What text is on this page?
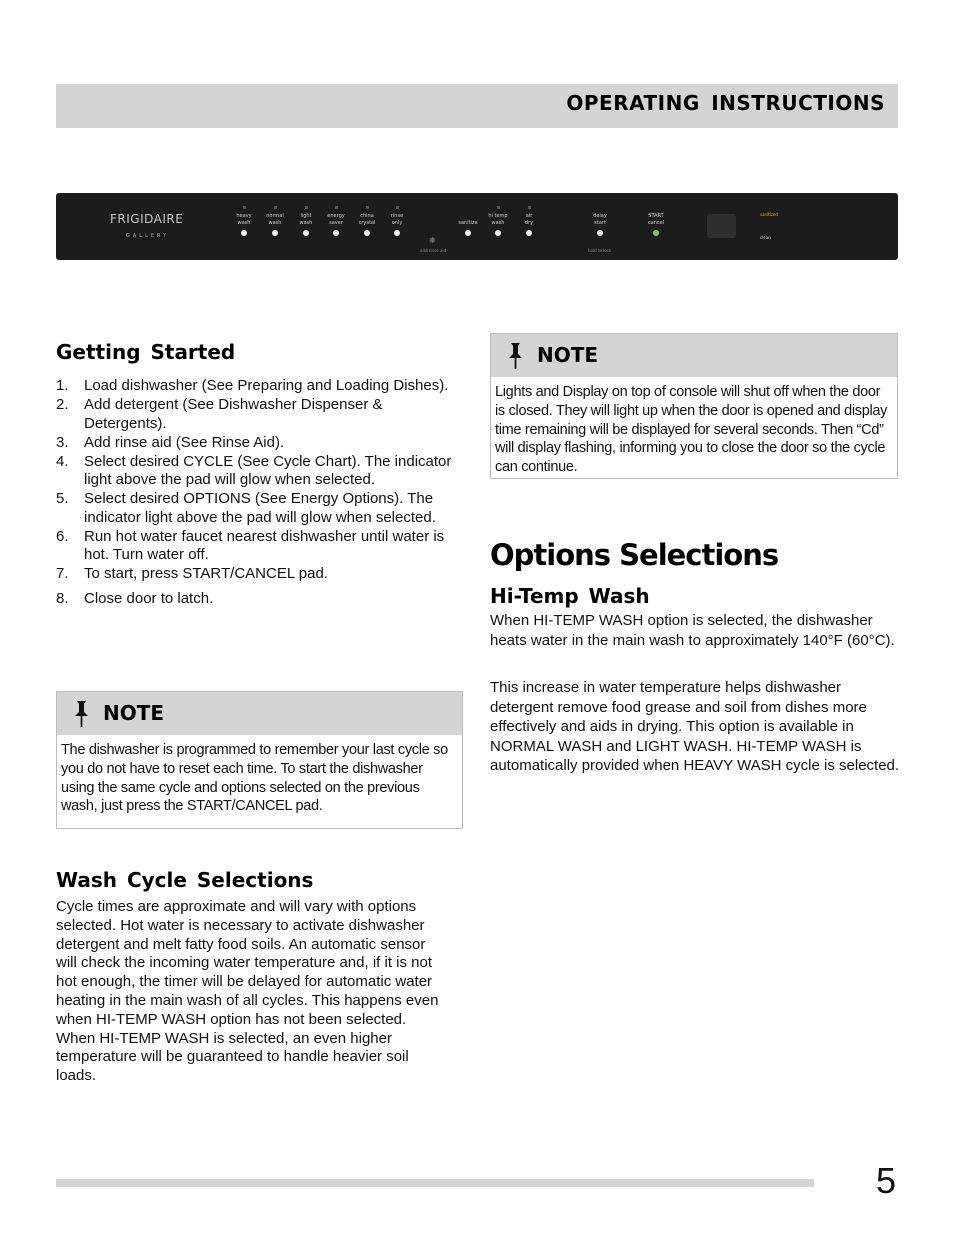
OPERATING INSTRUCTIONS
FRIGIDAIRE
GALLERY
heavy
wash
normal
wash
light
wash
energy
saver
china
crystal
rinse
only
❋
add rinse aid

sanitize
hi temp
wash
air
dry
delay
start
hold to lock
START
cancel
sanitized
clean
Getting Started
1. Load dishwasher (See Preparing and Loading Dishes).
2. Add detergent (See Dishwasher Dispenser & Detergents).
3. Add rinse aid (See Rinse Aid).
4. Select desired CYCLE (See Cycle Chart). The indicator light above the pad will glow when selected.
5. Select desired OPTIONS (See Energy Options). The indicator light above the pad will glow when selected.
6. Run hot water faucet nearest dishwasher until water is hot. Turn water off.
7. To start, press START/CANCEL pad.
8. Close door to latch.
NOTE
The dishwasher is programmed to remember your last cycle so you do not have to reset each time. To start the dishwasher using the same cycle and options selected on the previous wash, just press the START/CANCEL pad.
Wash Cycle Selections

Cycle times are approximate and will vary with options selected. Hot water is necessary to activate dishwasher detergent and melt fatty food soils. An automatic sensor will check the incoming water temperature and, if it is not hot enough, the timer will be delayed for automatic water heating in the main wash of all cycles. This happens even when HI-TEMP WASH option has not been selected. When HI-TEMP WASH is selected, an even higher temperature will be guaranteed to handle heavier soil loads.

NOTE
Lights and Display on top of console will shut off when the door is closed. They will light up when the door is opened and display time remaining will be displayed for several seconds. Then “Cd” will display flashing, informing you to close the door so the cycle can continue.
Options Selections
Hi-Temp Wash

When HI-TEMP WASH option is selected, the dishwasher heats water in the main wash to approximately 140°F (60°C).

This increase in water temperature helps dishwasher detergent remove food grease and soil from dishes more effectively and aids in drying. This option is available in NORMAL WASH and LIGHT WASH. HI-TEMP WASH is automatically provided when HEAVY WASH cycle is selected.

5
